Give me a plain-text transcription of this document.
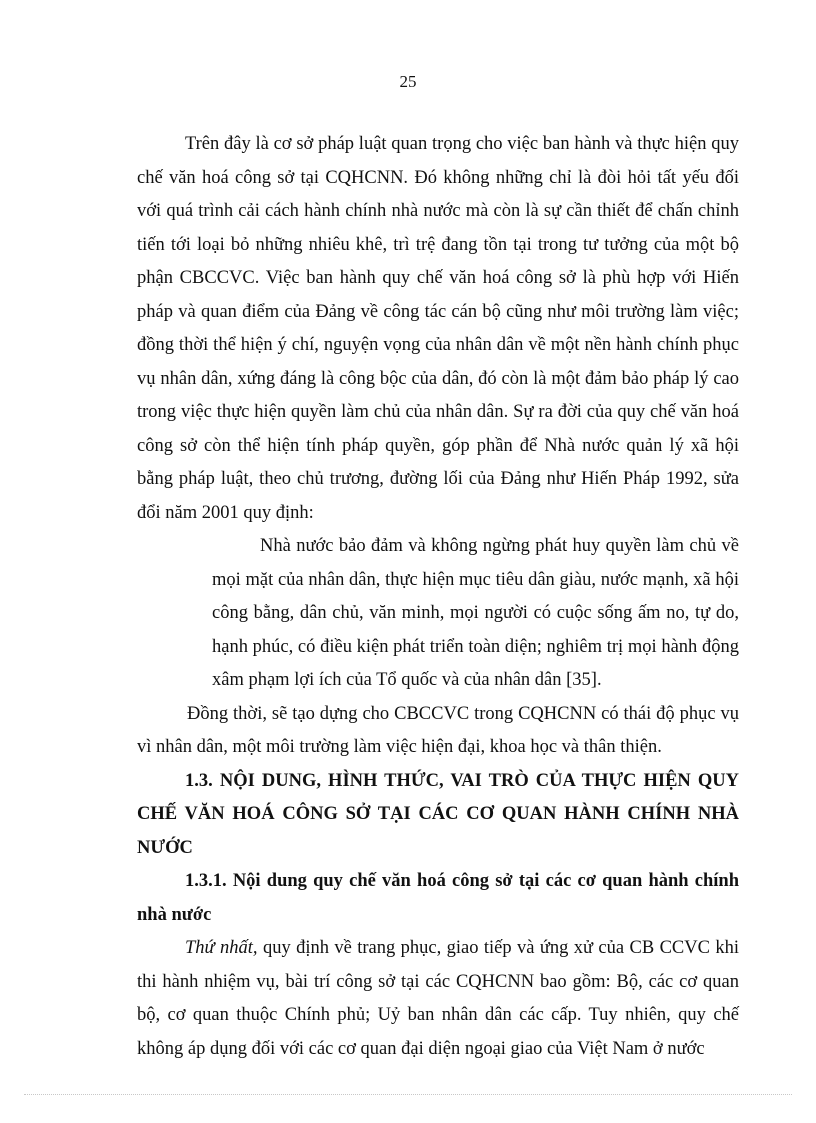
25

Trên đây là cơ sở pháp luật quan trọng cho việc ban hành và thực hiện quy chế văn hoá công sở tại CQHCNN. Đó không những chỉ là đòi hỏi tất yếu đối với quá trình cải cách hành chính nhà nước mà còn là sự cần thiết để chấn chỉnh tiến tới loại bỏ những nhiêu khê, trì trệ đang tồn tại trong tư tưởng của một bộ phận CBCCVC. Việc ban hành quy chế văn hoá công sở là phù hợp với Hiến pháp và quan điểm của Đảng về công tác cán bộ cũng như môi trường làm việc; đồng thời thể hiện ý chí, nguyện vọng của nhân dân về một nền hành chính phục vụ nhân dân, xứng đáng là công bộc của dân, đó còn là một đảm bảo pháp lý cao trong việc thực hiện quyền làm chủ của nhân dân. Sự ra đời của quy chế văn hoá công sở còn thể hiện tính pháp quyền, góp phần để Nhà nước quản lý xã hội bằng pháp luật, theo chủ trương, đường lối của Đảng như Hiến Pháp 1992, sửa đổi năm 2001 quy định:

Nhà nước bảo đảm và không ngừng phát huy quyền làm chủ về mọi mặt của nhân dân, thực hiện mục tiêu dân giàu, nước mạnh, xã hội công bằng, dân chủ, văn minh, mọi người có cuộc sống ấm no, tự do, hạnh phúc, có điều kiện phát triển toàn diện; nghiêm trị mọi hành động xâm phạm lợi ích của Tổ quốc và của nhân dân [35].

Đồng thời, sẽ tạo dựng cho CBCCVC trong CQHCNN có thái độ phục vụ vì nhân dân, một môi trường làm việc hiện đại, khoa học và thân thiện.

1.3. NỘI DUNG, HÌNH THỨC, VAI TRÒ CỦA THỰC HIỆN QUY CHẾ VĂN HOÁ CÔNG SỞ TẠI CÁC CƠ QUAN HÀNH CHÍNH NHÀ NƯỚC

1.3.1. Nội dung quy chế văn hoá công sở tại các cơ quan hành chính nhà nước

Thứ nhất, quy định về trang phục, giao tiếp và ứng xử của CB CCVC khi thi hành nhiệm vụ, bài trí công sở tại các CQHCNN bao gồm: Bộ, các cơ quan bộ, cơ quan thuộc Chính phủ; Uỷ ban nhân dân các cấp. Tuy nhiên, quy chế không áp dụng đối với các cơ quan đại diện ngoại giao của Việt Nam ở nước
